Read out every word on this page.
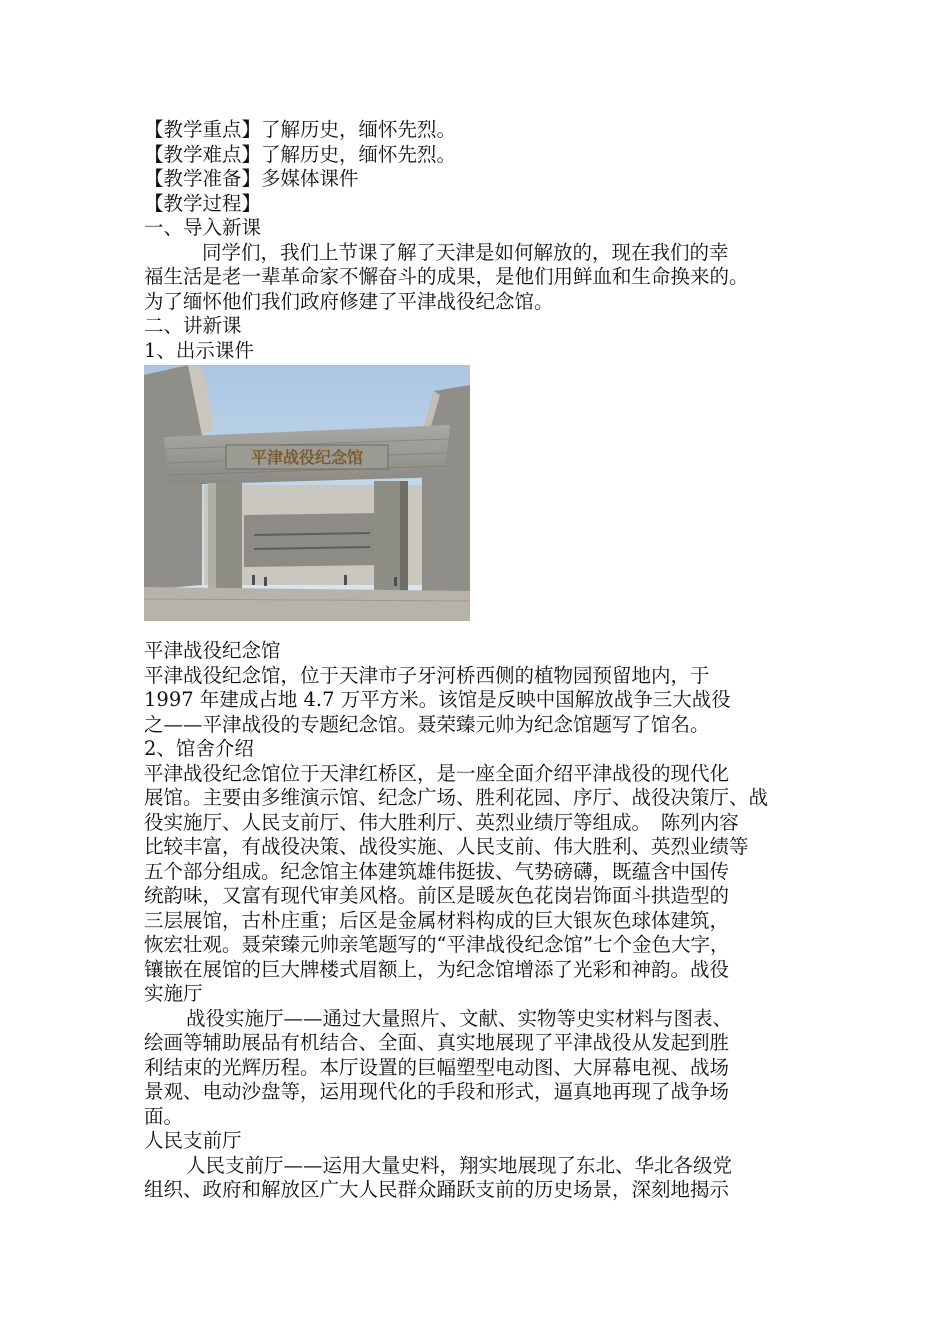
【教学重点】了解历史，缅怀先烈。
【教学难点】了解历史，缅怀先烈。
【教学准备】多媒体课件
【教学过程】
一、导入新课
同学们，我们上节课了解了天津是如何解放的，现在我们的幸
福生活是老一辈革命家不懈奋斗的成果，是他们用鲜血和生命换来的。
为了缅怀他们我们政府修建了平津战役纪念馆。
二、讲新课
1、出示课件
平津战役纪念馆
平津战役纪念馆
平津战役纪念馆，位于天津市子牙河桥西侧的植物园预留地内，于
1997 年建成占地 4.7 万平方米。该馆是反映中国解放战争三大战役
之——平津战役的专题纪念馆。聂荣臻元帅为纪念馆题写了馆名。
2、馆舍介绍
平津战役纪念馆位于天津红桥区，是一座全面介绍平津战役的现代化
展馆。主要由多维演示馆、纪念广场、胜利花园、序厅、战役决策厅、战
役实施厅、人民支前厅、伟大胜利厅、英烈业绩厅等组成。　陈列内容
比较丰富，有战役决策、战役实施、人民支前、伟大胜利、英烈业绩等
五个部分组成。纪念馆主体建筑雄伟挺拔、气势磅礴，既蕴含中国传
统韵味，又富有现代审美风格。前区是暖灰色花岗岩饰面斗拱造型的
三层展馆，古朴庄重；后区是金属材料构成的巨大银灰色球体建筑，
恢宏壮观。聂荣臻元帅亲笔题写的“平津战役纪念馆”七个金色大字，
镶嵌在展馆的巨大牌楼式眉额上，为纪念馆增添了光彩和神韵。战役
实施厅
战役实施厅——通过大量照片、文献、实物等史实材料与图表、
绘画等辅助展品有机结合、全面、真实地展现了平津战役从发起到胜
利结束的光辉历程。本厅设置的巨幅塑型电动图、大屏幕电视、战场
景观、电动沙盘等，运用现代化的手段和形式，逼真地再现了战争场
面。
人民支前厅
人民支前厅——运用大量史料，翔实地展现了东北、华北各级党
组织、政府和解放区广大人民群众踊跃支前的历史场景，深刻地揭示
